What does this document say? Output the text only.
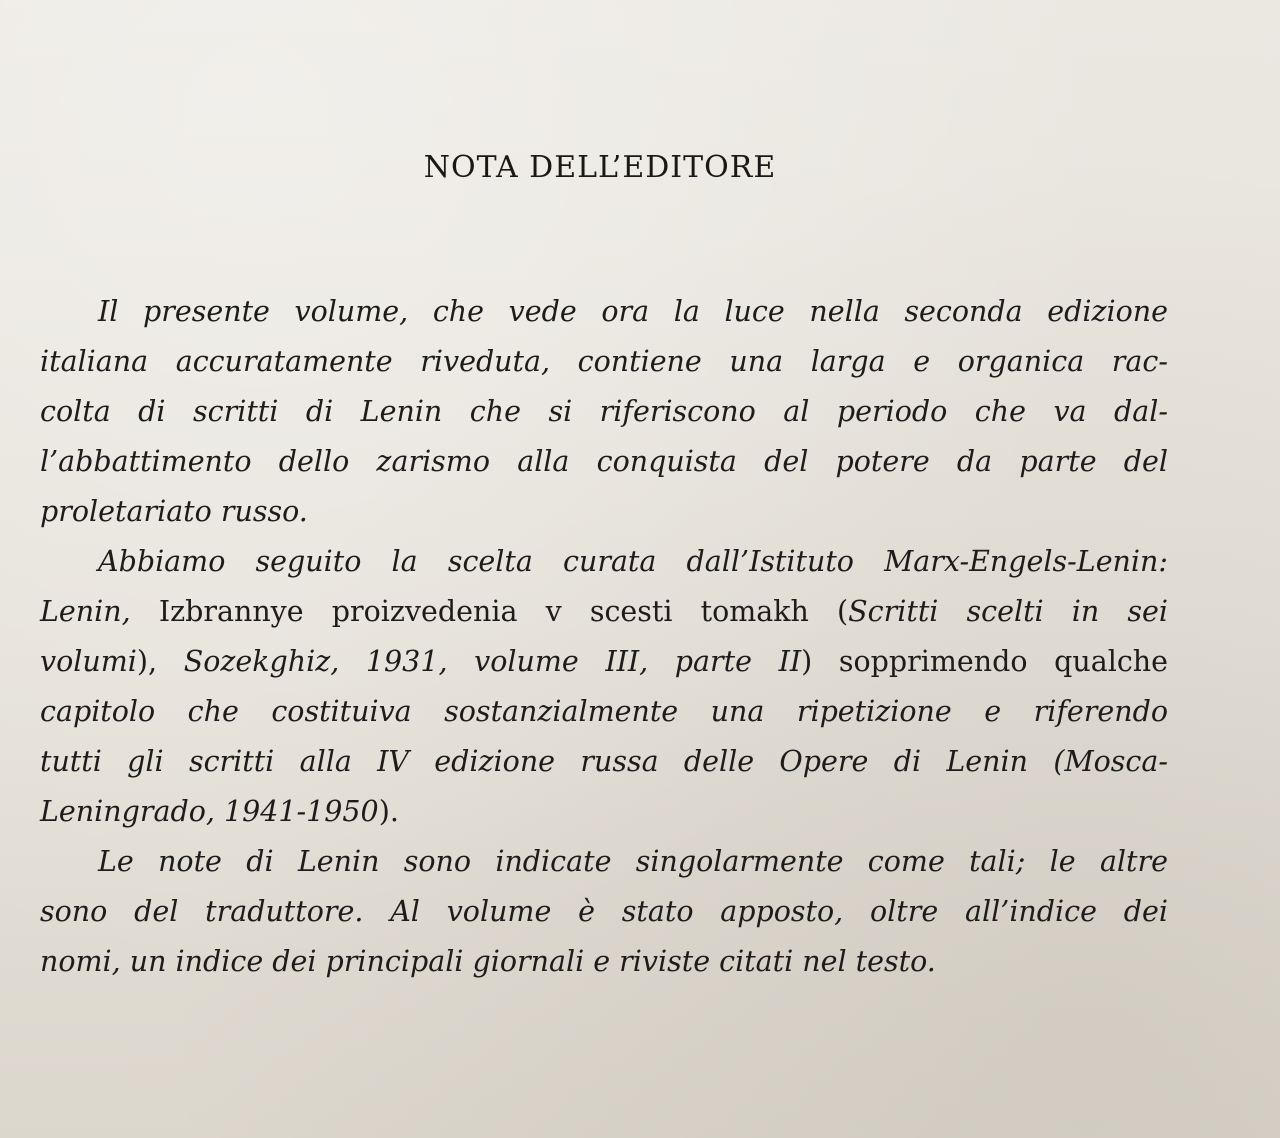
NOTA DELL’EDITORE
Il presente volume, che vede ora la luce nella seconda edizione
italiana accuratamente riveduta, contiene una larga e organica rac-
colta di scritti di Lenin che si riferiscono al periodo che va dal-
l’abbattimento dello zarismo alla conquista del potere da parte del
proletariato russo.
Abbiamo seguito la scelta curata dall’Istituto Marx-Engels-Lenin:
Lenin, Izbrannye proizvedenia v scesti tomakh (Scritti scelti in sei
volumi), Sozekghiz, 1931, volume III, parte II) sopprimendo qualche
capitolo che costituiva sostanzialmente una ripetizione e riferendo
tutti gli scritti alla IV edizione russa delle Opere di Lenin (Mosca-
Leningrado, 1941-1950).
Le note di Lenin sono indicate singolarmente come tali; le altre
sono del traduttore. Al volume è stato apposto, oltre all’indice dei
nomi, un indice dei principali giornali e riviste citati nel testo.
